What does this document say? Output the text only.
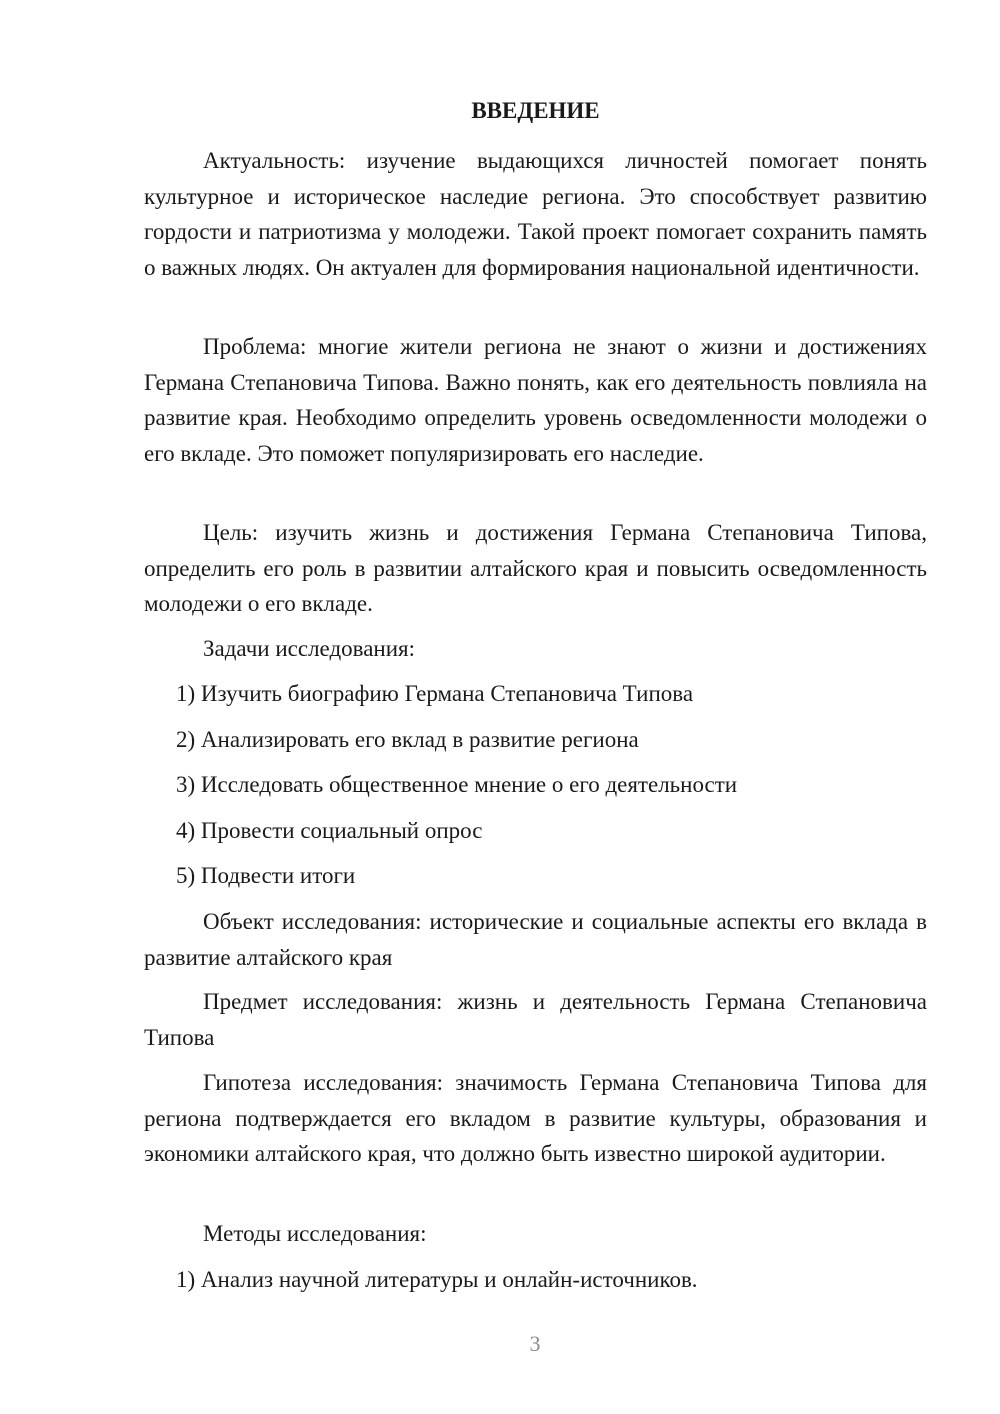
ВВЕДЕНИЕ

Актуальность: изучение выдающихся личностей помогает понять культурное и историческое наследие региона. Это способствует развитию гордости и патриотизма у молодежи. Такой проект помогает сохранить память о важных людях. Он актуален для формирования национальной идентичности.

Проблема: многие жители региона не знают о жизни и достижениях Германа Степановича Типова. Важно понять, как его деятельность повлияла на развитие края. Необходимо определить уровень осведомленности молодежи о его вкладе. Это поможет популяризировать его наследие.

Цель: изучить жизнь и достижения Германа Степановича Типова, определить его роль в развитии алтайского края и повысить осведомленность молодежи о его вкладе.

Задачи исследования:

1) Изучить биографию Германа Степановича Типова

2) Анализировать его вклад в развитие региона

3) Исследовать общественное мнение о его деятельности

4) Провести социальный опрос

5) Подвести итоги

Объект исследования: исторические и социальные аспекты его вклада в развитие алтайского края

Предмет исследования: жизнь и деятельность Германа Степановича Типова

Гипотеза исследования: значимость Германа Степановича Типова для региона подтверждается его вкладом в развитие культуры, образования и экономики алтайского края, что должно быть известно широкой аудитории.

Методы исследования:

1) Анализ научной литературы и онлайн-источников.

3
